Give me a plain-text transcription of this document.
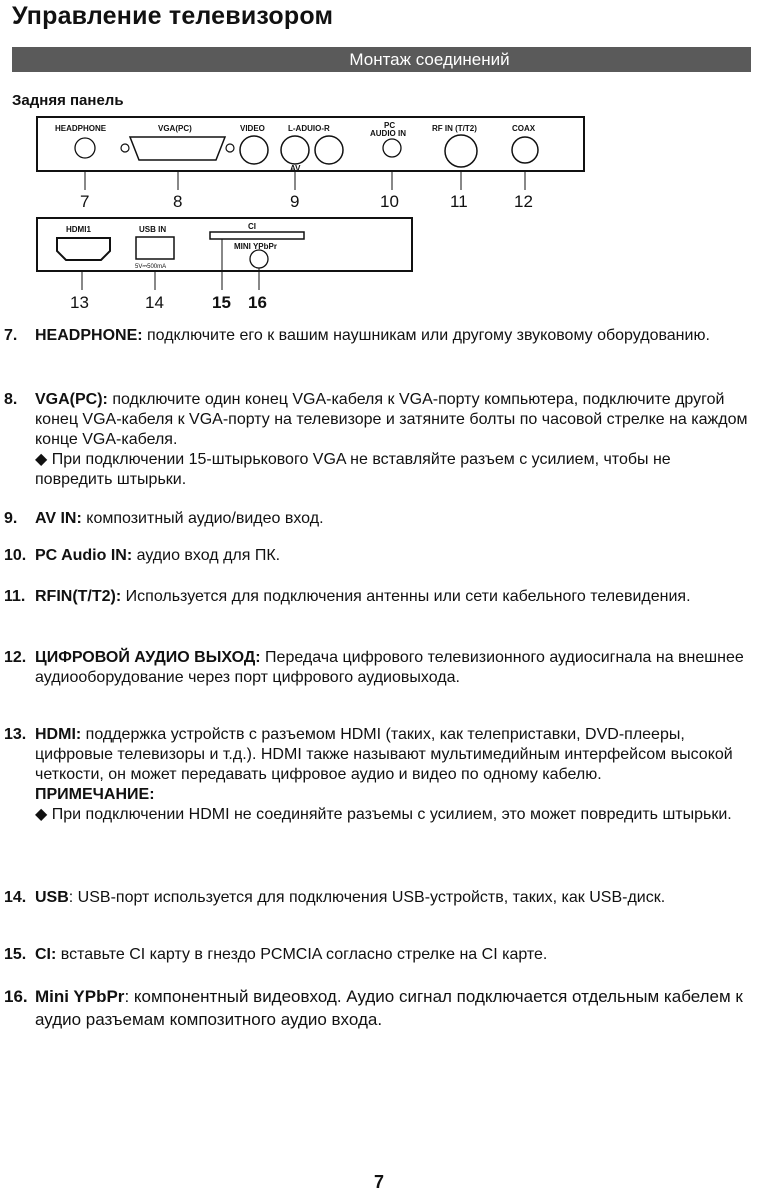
Управление телевизором
Монтаж соединений
Задняя панель
HEADPHONE	VGA(PC)	VIDEO	L-ADUIO-R
AV
PC
AUDIO IN
RF IN (T/T2)	COAX
7	8	9	10	11	12
HDMI1	USB IN
5V⎓500mA
CI
MINI YPbPr
13	14	15 16
7. HEADPHONE: подключите его к вашим наушникам или другому звуковому оборудованию.
8. VGA(PC): подключите один конец VGA-кабеля к VGA-порту компьютера, подключите другой конец VGA-кабеля к VGA-порту на телевизоре и затяните болты по часовой стрелке на каждом конце VGA-кабеля.
◆ При подключении 15-штырькового VGA не вставляйте разъем с усилием, чтобы не повредить штырьки.
9. AV IN: композитный аудио/видео вход.
10. PC Audio IN: аудио вход для ПК.
11. RFIN(T/T2): Используется для подключения антенны или сети кабельного телевидения.
12. ЦИФРОВОЙ АУДИО ВЫХОД: Передача цифрового телевизионного аудиосигнала на внешнее аудиооборудование через порт цифрового аудиовыхода.
13. HDMI: поддержка устройств с разъемом HDMI (таких, как телеприставки, DVD-плееры, цифровые телевизоры и т.д.). HDMI также называют мультимедийным интерфейсом высокой четкости, он может передавать цифровое аудио и видео по одному кабелю.
ПРИМЕЧАНИЕ:
◆ При подключении HDMI не соединяйте разъемы с усилием, это может повредить штырьки.
14. USB: USB-порт используется для подключения USB-устройств, таких, как USB-диск.
15. CI: вставьте CI карту в гнездо PCMCIA согласно стрелке на CI карте.
16. Mini YPbPr: компонентный видеовход. Аудио сигнал подключается отдельным кабелем к аудио разъемам композитного аудио входа.
7
